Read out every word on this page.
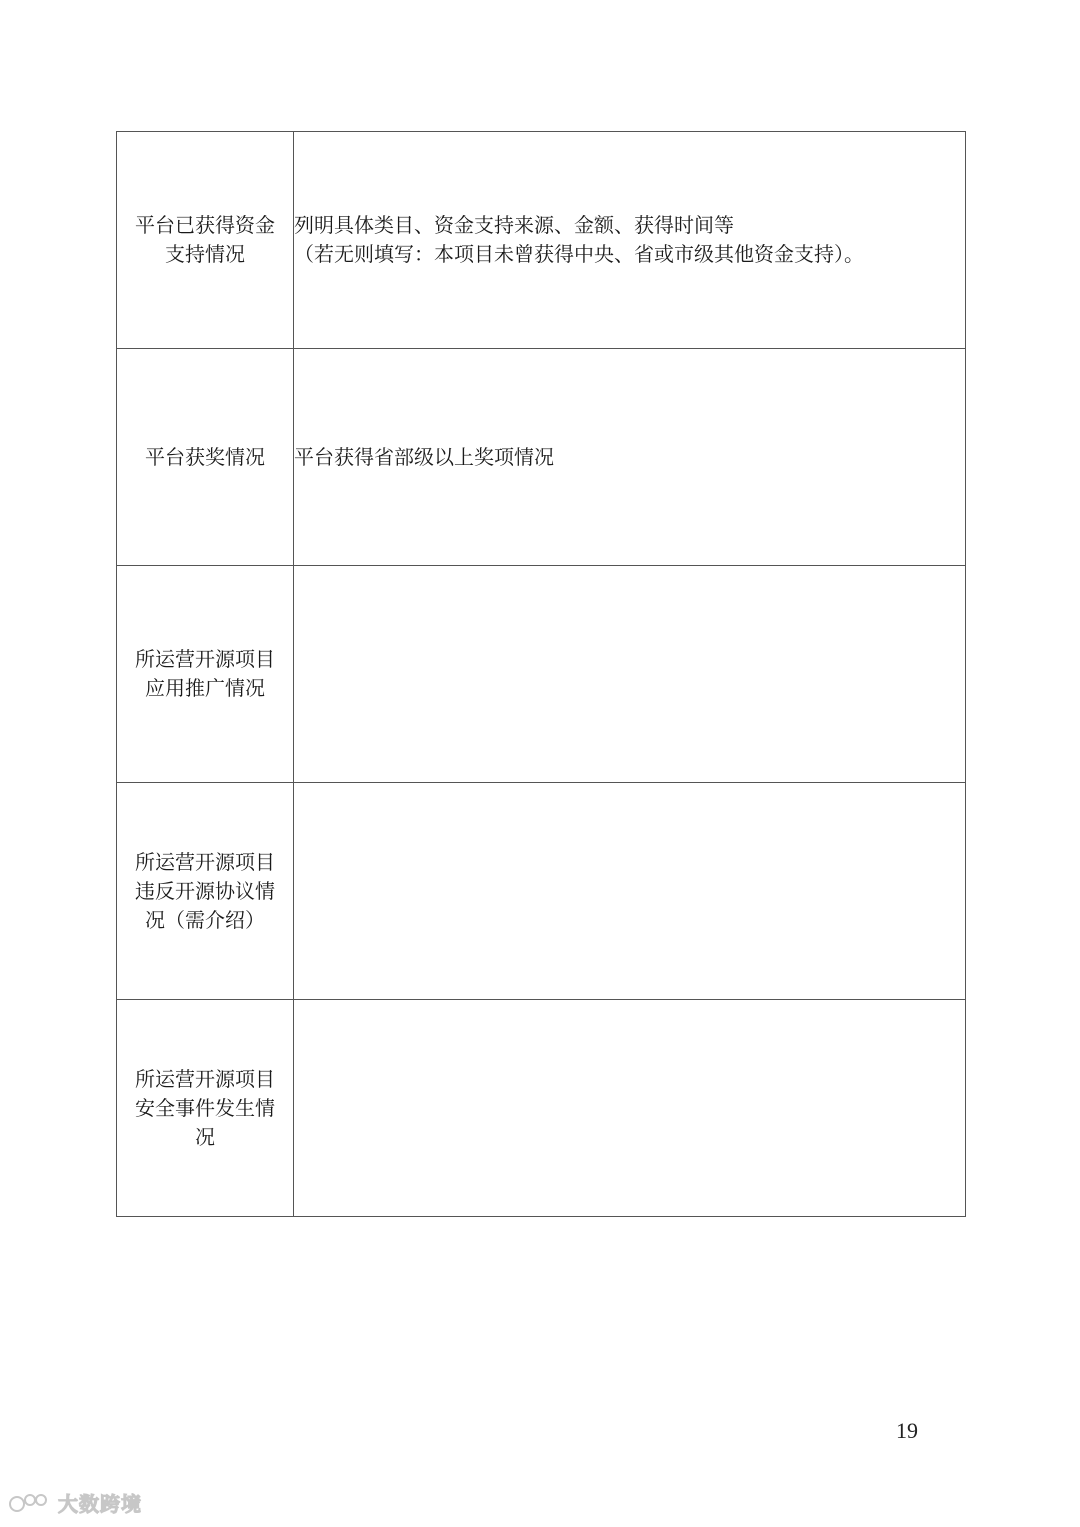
平台已获得资金支持情况	列明具体类目、资金支持来源、金额、获得时间等
（若无则填写：本项目未曾获得中央、省或市级其他资金支持）。

平台获奖情况	平台获得省部级以上奖项情况

所运营开源项目应用推广情况	
所运营开源项目违反开源协议情况（需介绍）	
所运营开源项目安全事件发生情况	
19
大数跨境
